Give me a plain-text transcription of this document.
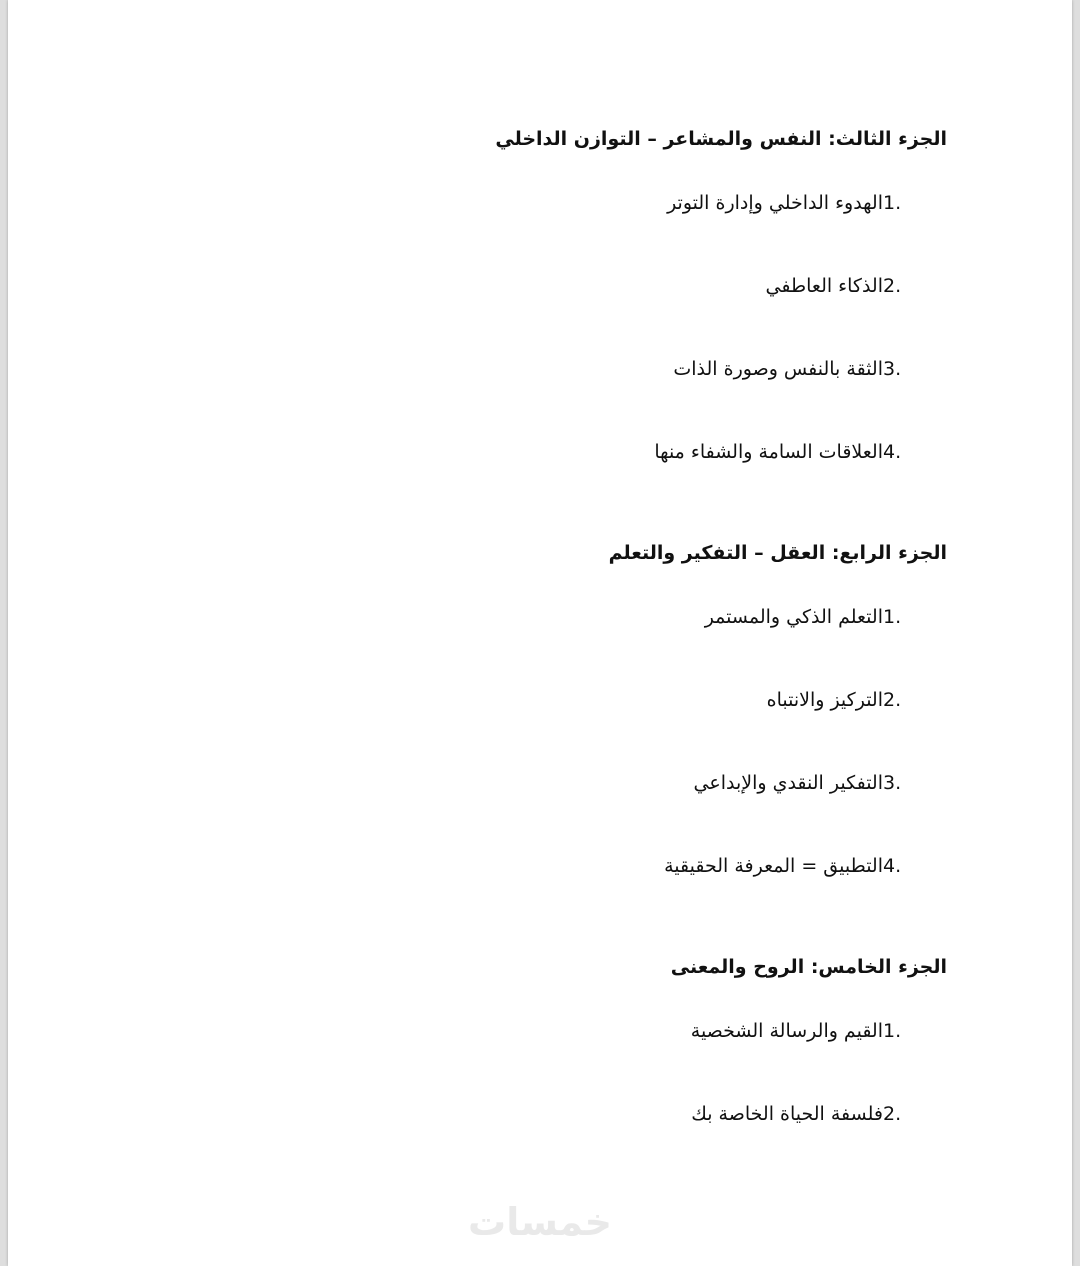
الجزء الثالث: النفس والمشاعر – التوازن الداخلي
1.
الهدوء الداخلي وإدارة التوتر
2.
الذكاء العاطفي
3.
الثقة بالنفس وصورة الذات
4.
العلاقات السامة والشفاء منها
الجزء الرابع: العقل – التفكير والتعلم
1.
التعلم الذكي والمستمر
2.
التركيز والانتباه
3.
التفكير النقدي والإبداعي
4.
التطبيق = المعرفة الحقيقية
الجزء الخامس: الروح والمعنى
1.
القيم والرسالة الشخصية
2.
فلسفة الحياة الخاصة بك
خمسات
